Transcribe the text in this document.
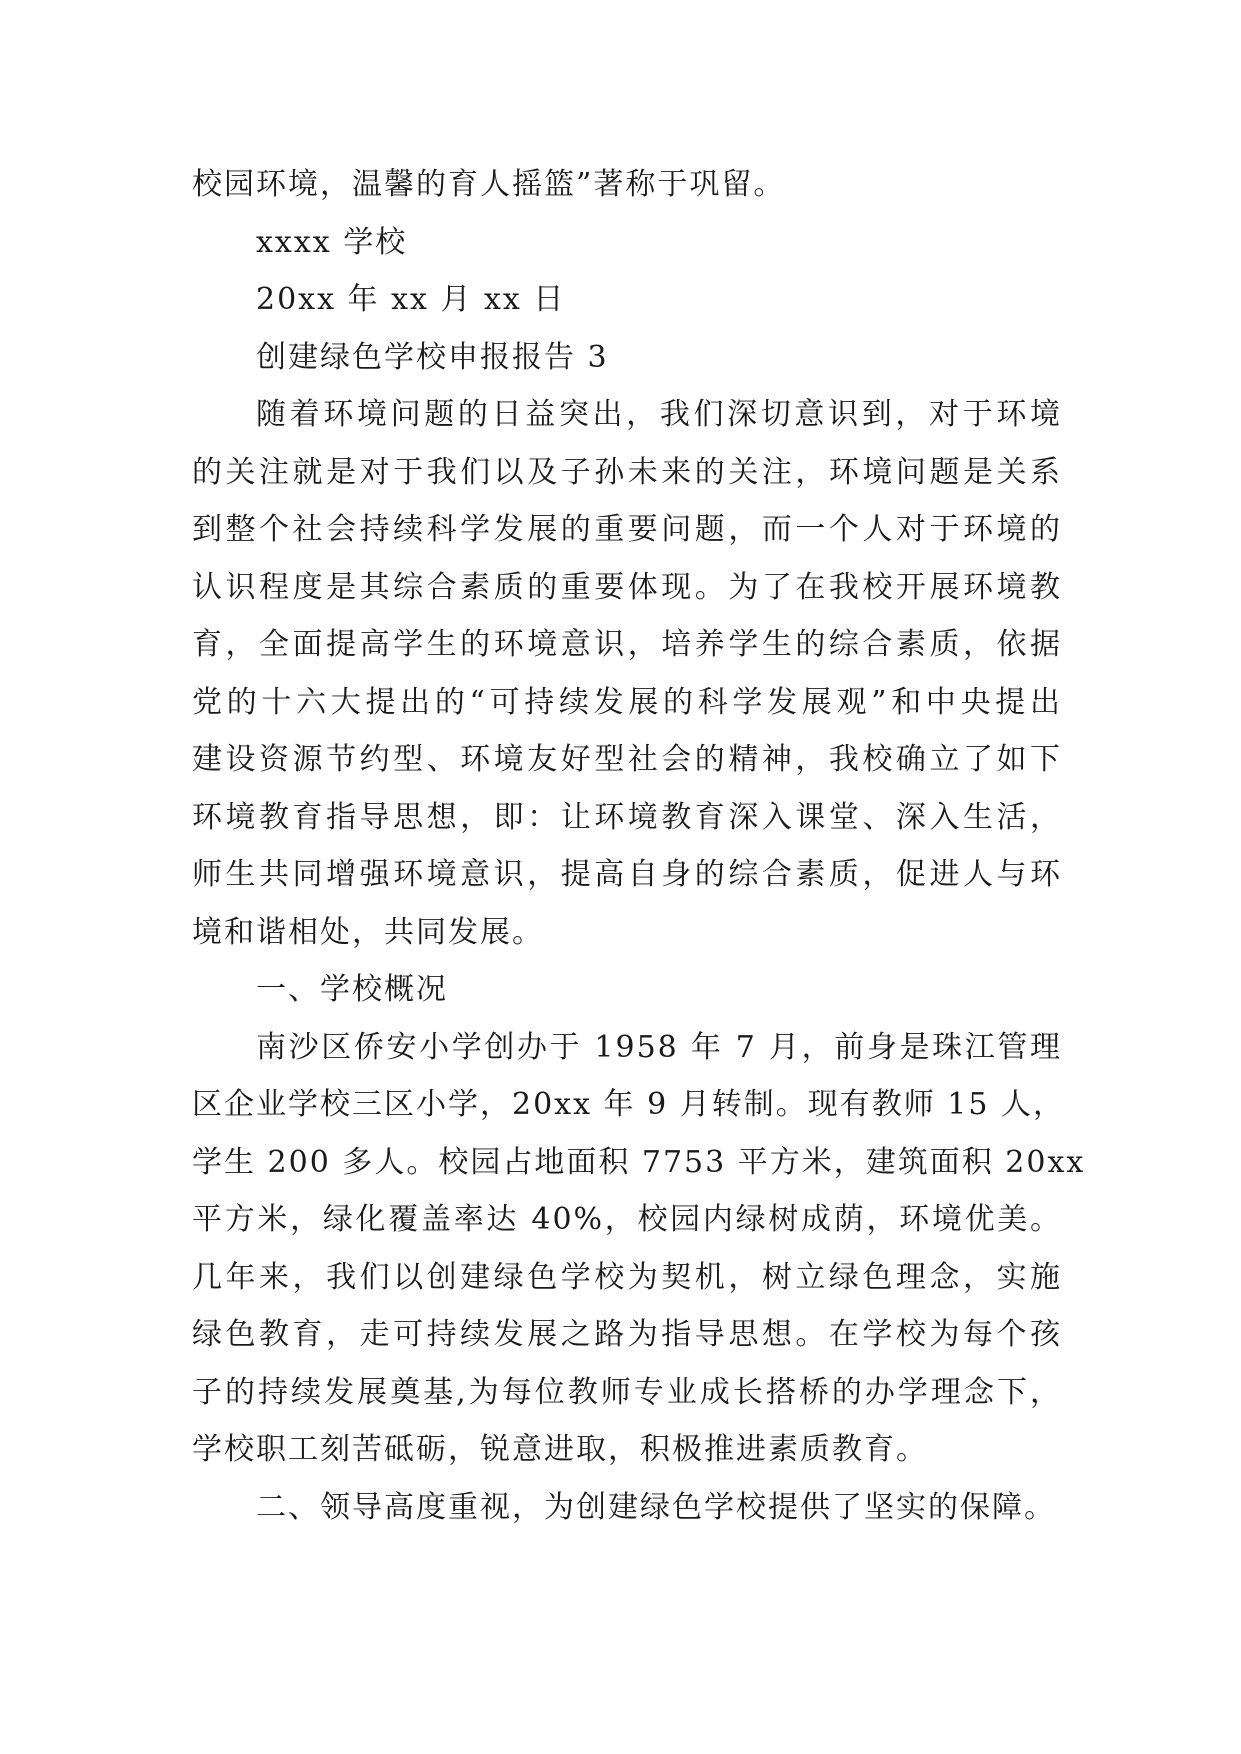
校园环境，温馨的育人摇篮”著称于巩留。
xxxx 学校
20xx 年 xx 月 xx 日
创建绿色学校申报报告 3
随着环境问题的日益突出，我们深切意识到，对于环境
的关注就是对于我们以及子孙未来的关注，环境问题是关系
到整个社会持续科学发展的重要问题，而一个人对于环境的
认识程度是其综合素质的重要体现。为了在我校开展环境教
育，全面提高学生的环境意识，培养学生的综合素质，依据
党的十六大提出的“可持续发展的科学发展观”和中央提出
建设资源节约型、环境友好型社会的精神，我校确立了如下
环境教育指导思想，即：让环境教育深入课堂、深入生活，
师生共同增强环境意识，提高自身的综合素质，促进人与环
境和谐相处，共同发展。
一、学校概况
南沙区侨安小学创办于 1958 年 7 月，前身是珠江管理
区企业学校三区小学，20xx 年 9 月转制。现有教师 15 人，
学生 200 多人。校园占地面积 7753 平方米，建筑面积 20xx
平方米，绿化覆盖率达 40%，校园内绿树成荫，环境优美。
几年来，我们以创建绿色学校为契机，树立绿色理念，实施
绿色教育，走可持续发展之路为指导思想。在学校为每个孩
子的持续发展奠基,为每位教师专业成长搭桥的办学理念下，
学校职工刻苦砥砺，锐意进取，积极推进素质教育。
二、领导高度重视，为创建绿色学校提供了坚实的保障。
